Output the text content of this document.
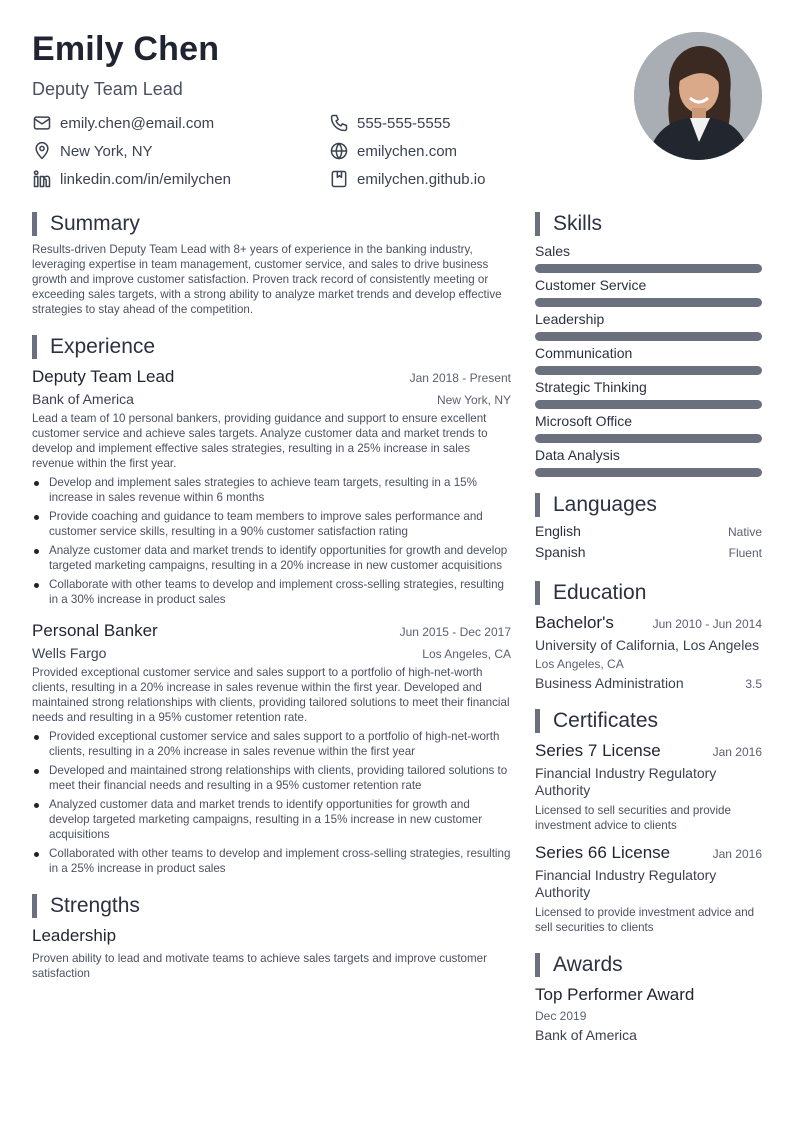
Emily Chen
Deputy Team Lead
emily.chen@email.com
New York, NY
linkedin.com/in/emilychen
555-555-5555
emilychen.com
emilychen.github.io
Summary

Results-driven Deputy Team Lead with 8+ years of experience in the banking industry, leveraging expertise in team management, customer service, and sales to drive business growth and improve customer satisfaction. Proven track record of consistently meeting or exceeding sales targets, with a strong ability to analyze market trends and develop effective strategies to stay ahead of the competition.

Experience
Deputy Team Lead	Jan 2018 - Present
Bank of America	New York, NY

Lead a team of 10 personal bankers, providing guidance and support to ensure excellent customer service and achieve sales targets. Analyze customer data and market trends to develop and implement effective sales strategies, resulting in a 25% increase in sales revenue within the first year.

Develop and implement sales strategies to achieve team targets, resulting in a 15% increase in sales revenue within 6 months
Provide coaching and guidance to team members to improve sales performance and customer service skills, resulting in a 90% customer satisfaction rating
Analyze customer data and market trends to identify opportunities for growth and develop targeted marketing campaigns, resulting in a 20% increase in new customer acquisitions
Collaborate with other teams to develop and implement cross-selling strategies, resulting in a 30% increase in product sales
Personal Banker	Jun 2015 - Dec 2017
Wells Fargo	Los Angeles, CA

Provided exceptional customer service and sales support to a portfolio of high-net-worth clients, resulting in a 20% increase in sales revenue within the first year. Developed and maintained strong relationships with clients, providing tailored solutions to meet their financial needs and resulting in a 95% customer retention rate.

Provided exceptional customer service and sales support to a portfolio of high-net-worth clients, resulting in a 20% increase in sales revenue within the first year
Developed and maintained strong relationships with clients, providing tailored solutions to meet their financial needs and resulting in a 95% customer retention rate
Analyzed customer data and market trends to identify opportunities for growth and develop targeted marketing campaigns, resulting in a 15% increase in new customer acquisitions
Collaborated with other teams to develop and implement cross-selling strategies, resulting in a 25% increase in product sales
Strengths
Leadership

Proven ability to lead and motivate teams to achieve sales targets and improve customer satisfaction

Skills
Sales
Customer Service
Leadership
Communication
Strategic Thinking
Microsoft Office
Data Analysis
Languages
English	Native
Spanish	Fluent
Education
Bachelor's	Jun 2010 - Jun 2014
University of California, Los Angeles
Los Angeles, CA
Business Administration	3.5
Certificates
Series 7 License	Jan 2016
Financial Industry Regulatory Authority
Licensed to sell securities and provide investment advice to clients
Series 66 License	Jan 2016
Financial Industry Regulatory Authority
Licensed to provide investment advice and sell securities to clients
Awards
Top Performer Award
Dec 2019
Bank of America
